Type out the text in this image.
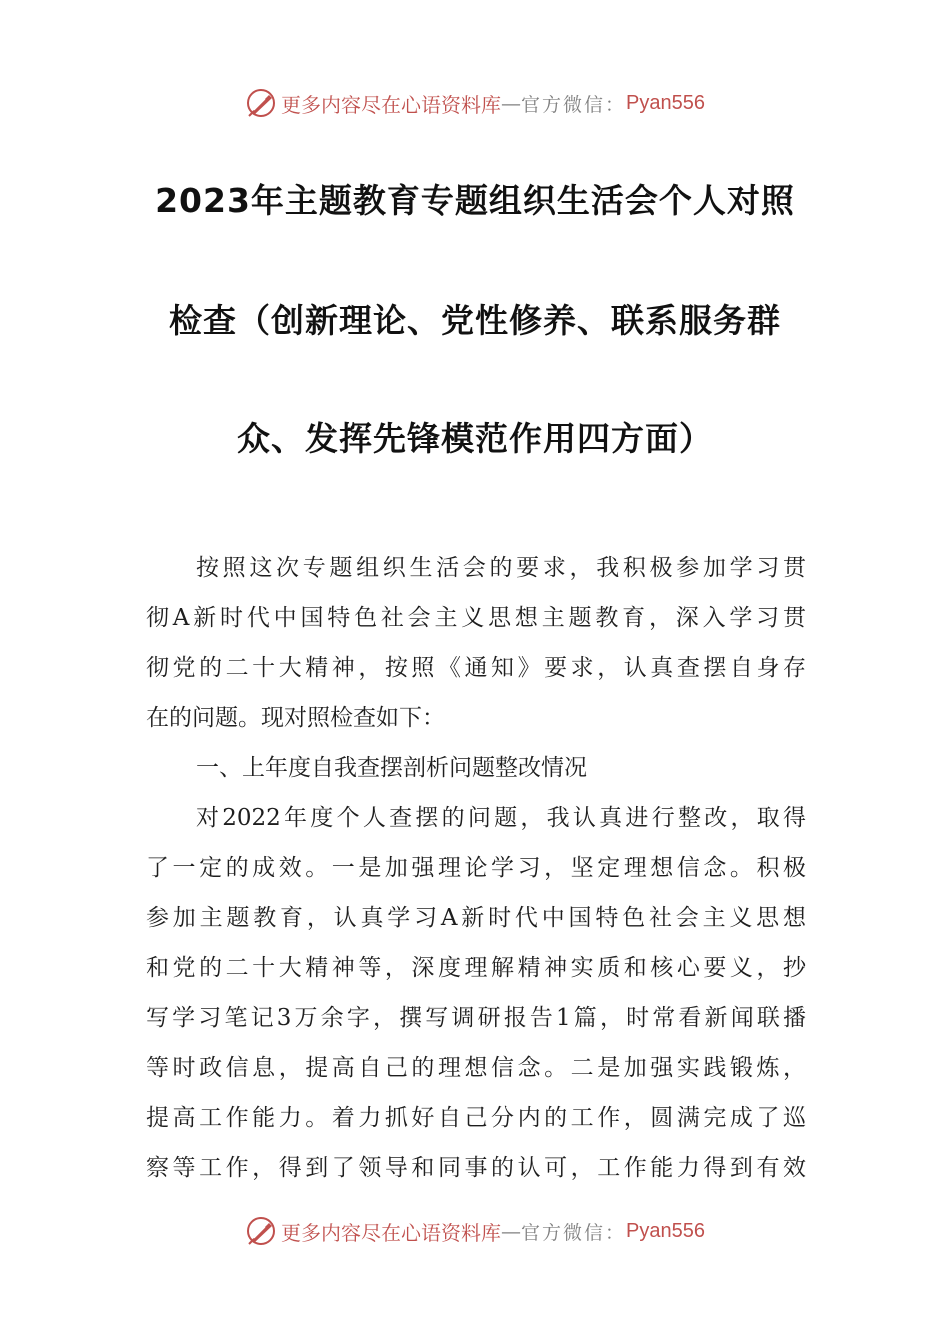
更多内容尽在心语资料库 — 官方微信： Pyan556
2023年主题教育专题组织生活会个人对照
检查（创新理论、党性修养、联系服务群
众、发挥先锋模范作用四方面）
按照这次专题组织生活会的要求，我积极参加学习贯
彻A新时代中国特色社会主义思想主题教育，深入学习贯
彻党的二十大精神，按照《通知》要求，认真查摆自身存
在的问题。现对照检查如下：
一、上年度自我查摆剖析问题整改情况
对2022年度个人查摆的问题，我认真进行整改，取得
了一定的成效。一是加强理论学习，坚定理想信念。积极
参加主题教育，认真学习A新时代中国特色社会主义思想
和党的二十大精神等，深度理解精神实质和核心要义，抄
写学习笔记3万余字，撰写调研报告1篇，时常看新闻联播
等时政信息，提高自己的理想信念。二是加强实践锻炼，
提高工作能力。着力抓好自己分内的工作，圆满完成了巡
察等工作，得到了领导和同事的认可，工作能力得到有效
更多内容尽在心语资料库 — 官方微信： Pyan556
